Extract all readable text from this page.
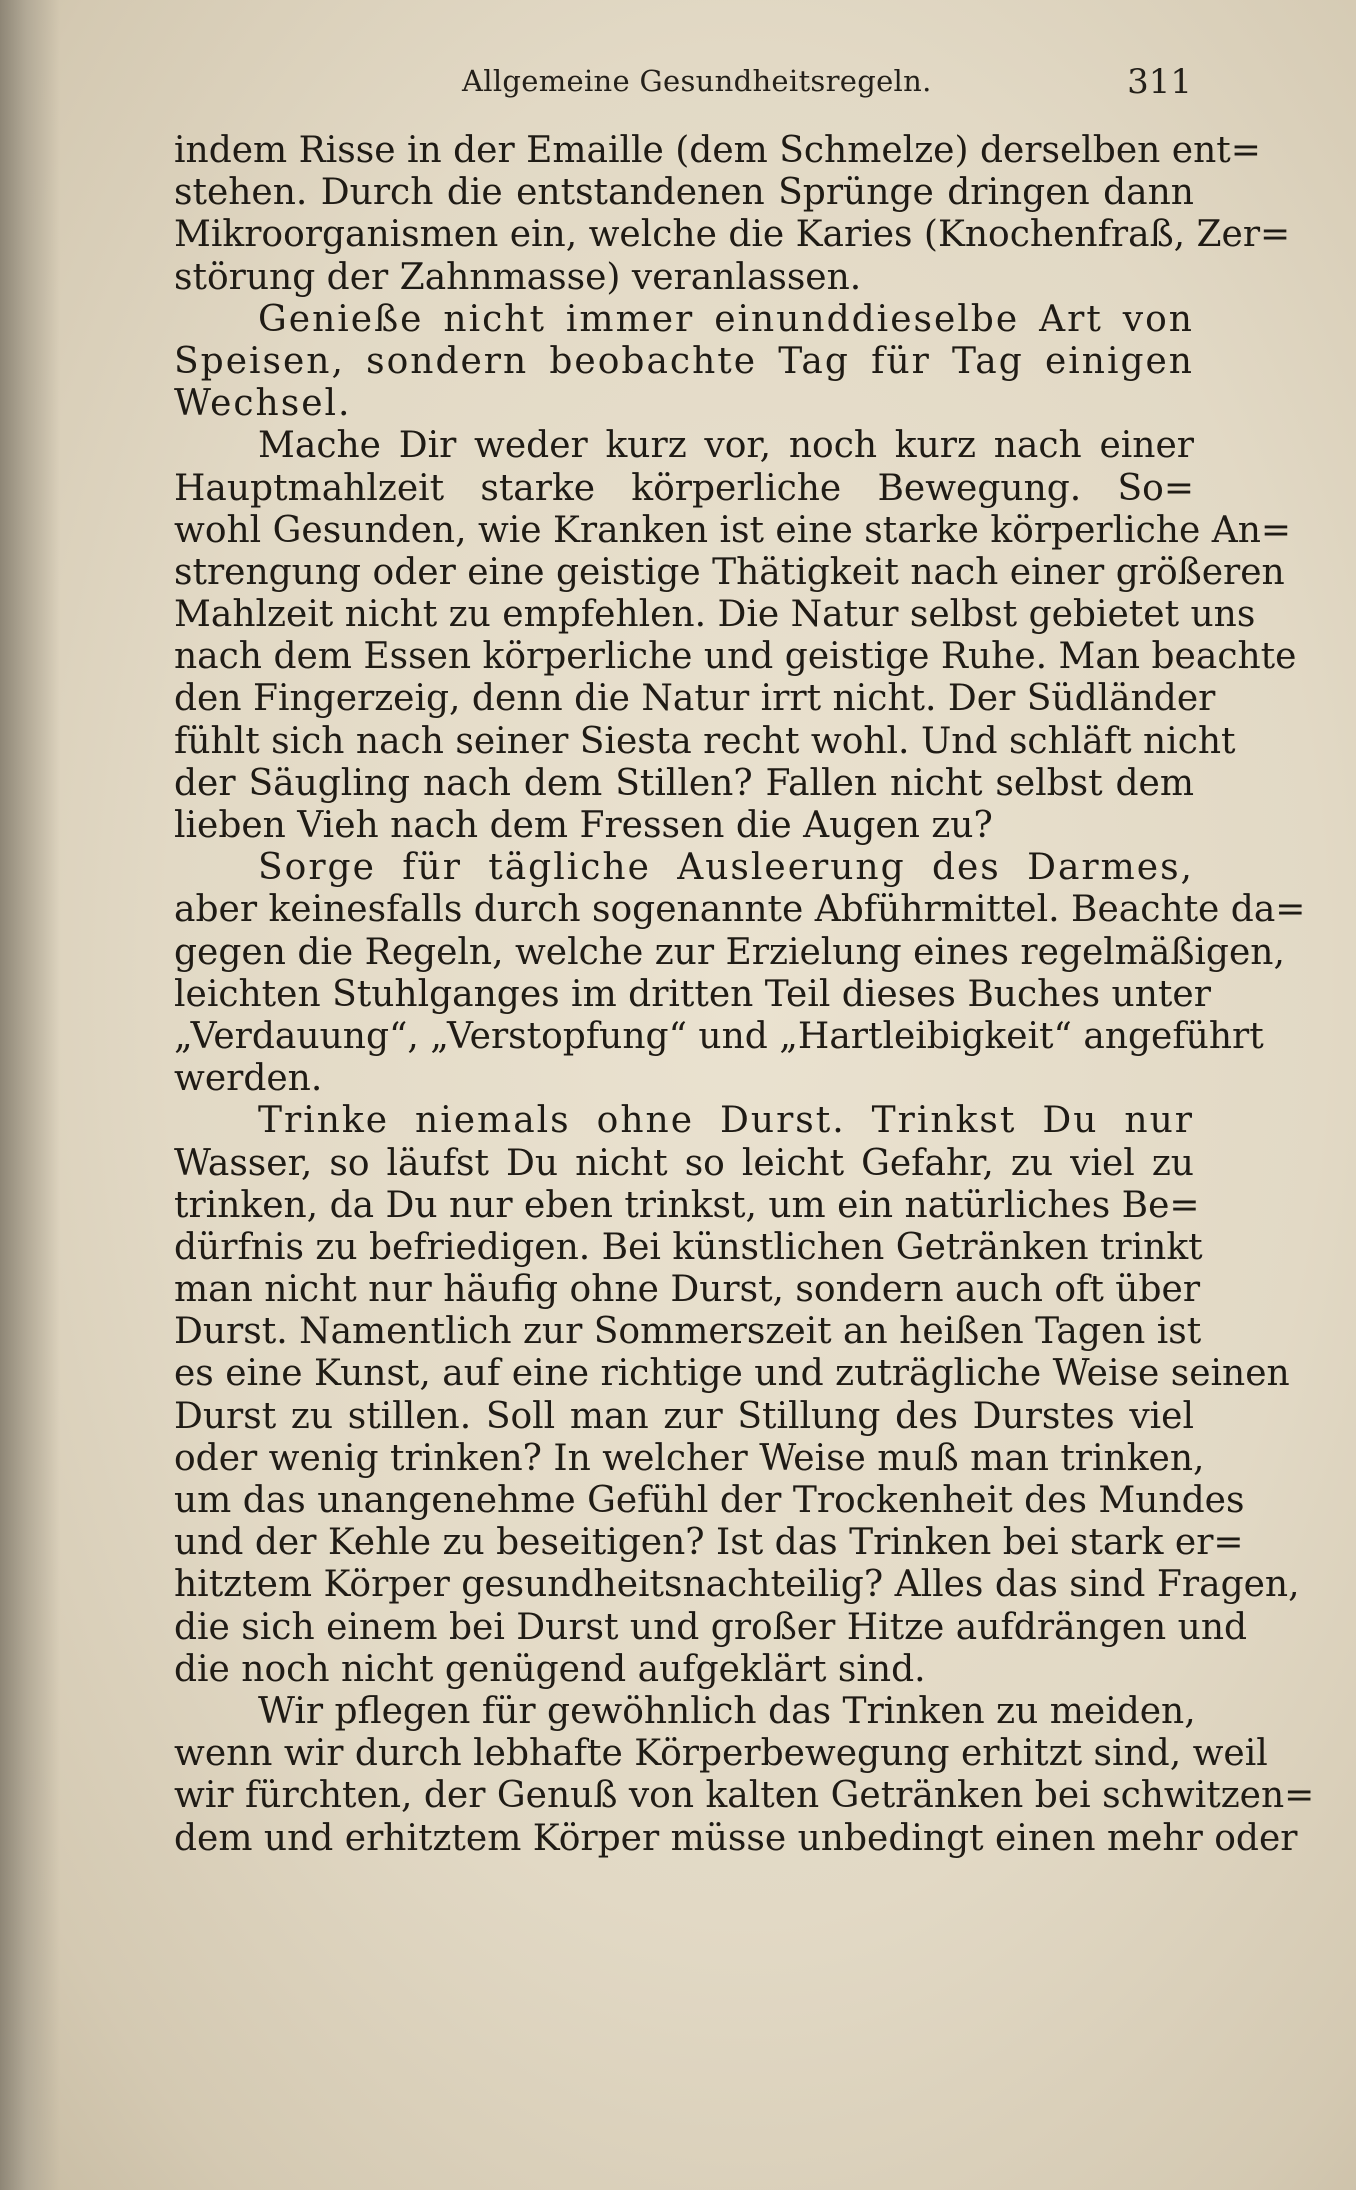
Allgemeine Gesundheitsregeln.	311
indem Risse in der Emaille (dem Schmelze) derselben ent=
stehen. Durch die entstandenen Sprünge dringen dann
Mikroorganismen ein, welche die Karies (Knochenfraß, Zer=
störung der Zahnmasse) veranlassen.
Genieße nicht immer einunddieselbe Art von
Speisen, sondern beobachte Tag für Tag einigen
Wechsel.
Mache Dir weder kurz vor, noch kurz nach einer
Hauptmahlzeit starke körperliche Bewegung. So=
wohl Gesunden, wie Kranken ist eine starke körperliche An=
strengung oder eine geistige Thätigkeit nach einer größeren
Mahlzeit nicht zu empfehlen. Die Natur selbst gebietet uns
nach dem Essen körperliche und geistige Ruhe. Man beachte
den Fingerzeig, denn die Natur irrt nicht. Der Südländer
fühlt sich nach seiner Siesta recht wohl. Und schläft nicht
der Säugling nach dem Stillen? Fallen nicht selbst dem
lieben Vieh nach dem Fressen die Augen zu?
Sorge für tägliche Ausleerung des Darmes,
aber keinesfalls durch sogenannte Abführmittel. Beachte da=
gegen die Regeln, welche zur Erzielung eines regelmäßigen,
leichten Stuhlganges im dritten Teil dieses Buches unter
„Verdauung“, „Verstopfung“ und „Hartleibigkeit“ angeführt
werden.
Trinke niemals ohne Durst. Trinkst Du nur
Wasser, so läufst Du nicht so leicht Gefahr, zu viel zu
trinken, da Du nur eben trinkst, um ein natürliches Be=
dürfnis zu befriedigen. Bei künstlichen Getränken trinkt
man nicht nur häufig ohne Durst, sondern auch oft über
Durst. Namentlich zur Sommerszeit an heißen Tagen ist
es eine Kunst, auf eine richtige und zuträgliche Weise seinen
Durst zu stillen. Soll man zur Stillung des Durstes viel
oder wenig trinken? In welcher Weise muß man trinken,
um das unangenehme Gefühl der Trockenheit des Mundes
und der Kehle zu beseitigen? Ist das Trinken bei stark er=
hitztem Körper gesundheitsnachteilig? Alles das sind Fragen,
die sich einem bei Durst und großer Hitze aufdrängen und
die noch nicht genügend aufgeklärt sind.
Wir pflegen für gewöhnlich das Trinken zu meiden,
wenn wir durch lebhafte Körperbewegung erhitzt sind, weil
wir fürchten, der Genuß von kalten Getränken bei schwitzen=
dem und erhitztem Körper müsse unbedingt einen mehr oder
